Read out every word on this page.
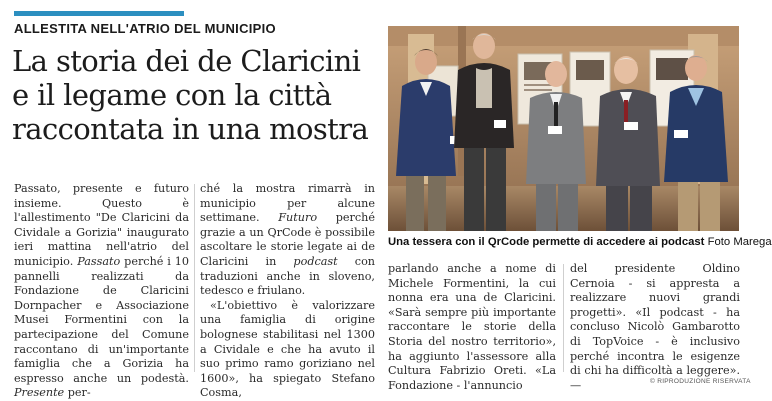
ALLESTITA NELL'ATRIO DEL MUNICIPIO
La storia dei de Claricini
e il legame con la città
raccontata in una mostra
Una tessera con il QrCode permette di accedere ai podcast Foto Marega

Passato, presente e futuro insieme. Questo è l'allestimento "De Claricini da Cividale a Gorizia" inaugurato ieri mattina nell'atrio del municipio. Passato perché i 10 pannelli realizzati da Fondazione de Claricini Dornpacher e Associazione Musei Formentini con la partecipazione del Comune raccontano di un'importante famiglia che a Gorizia ha espresso anche un podestà. Presente per-

ché la mostra rimarrà in municipio per alcune settimane. Futuro perché grazie a un QrCode è possibile ascoltare le storie legate ai de Claricini in podcast con traduzioni anche in sloveno, tedesco e friulano.

«L'obiettivo è valorizzare una famiglia di origine bolognese stabilitasi nel 1300 a Cividale e che ha avuto il suo primo ramo goriziano nel 1600», ha spiegato Stefano Cosma,

parlando anche a nome di Michele Formentini, la cui nonna era una de Claricini. «Sarà sempre più importante raccontare le storie della Storia del nostro territorio», ha aggiunto l'assessore alla Cultura Fabrizio Oreti. «La Fondazione - l'annuncio

del presidente Oldino Cernoia - si appresta a realizzare nuovi grandi progetti». «Il podcast - ha concluso Nicolò Gambarotto di TopVoice - è inclusivo perché incontra le esigenze di chi ha difficoltà a leggere». —	© RIPRODUZIONE RISERVATA
